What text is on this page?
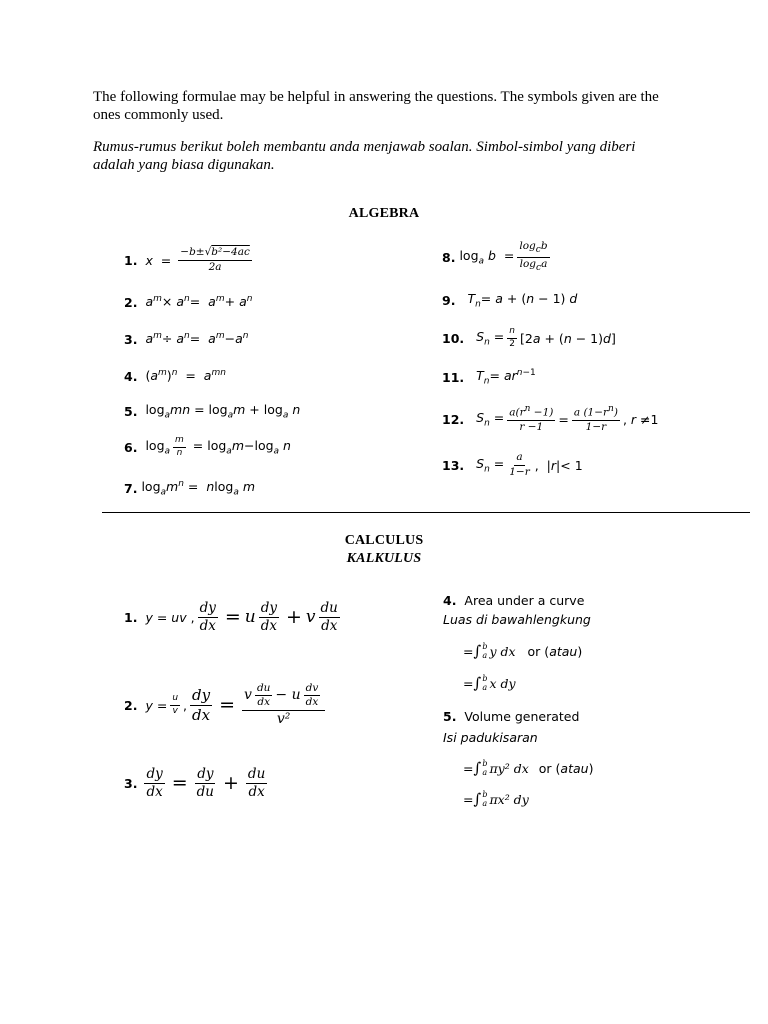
The following formulae may be helpful in answering the questions. The symbols given are the ones commonly used.
Rumus-rumus berikut boleh membantu anda menjawab soalan. Simbol-simbol yang diberi adalah yang biasa digunakan.
ALGEBRA
1. $x = \frac{\text{−b±√b²−4ac}}{2a}$
2. $a^m\times a^n= a^m+ a^n$
3. $a^m\div a^n= a^m-a^n$
4. $(a^m)^n = a^{mn}$
5. $\log_amn = \log_am + \log_a n$
6. $\log_a \frac{m}{n} = \log_am-\log_a$ n
7. $\log_am^n = nlog_a$ m
8. $\log_a b = \frac{\log_cb}{\log_ca}$
9. $T_n= a + (n - 1)$ d
10. $S_n = \frac{n}{2} [2a + (n - 1)d]$
11. $T_n= ar^{n-1}$
12. $S_n = \frac{a(r^n -1)}{r -1} = \frac{a (1-r^n)}{1-r}$ , r ≠1
13. $S_n = \frac{a}{1-r}$ ,  |r|< 1
CALCULUS
KALKULUS
1. y = uv , $\frac{dy}{dx} = u \frac{dy}{dx} + v \frac{du}{dx}$
2. $y = \frac{u}{v}$ , $\frac{dy}{dx} = \frac{v \frac{du}{dx} - u \frac{dv}{dx}}{\text{v²}}$
3. $\frac{dy}{dx} = \frac{dy}{du} + \frac{du}{dx}$
4. Area under a curve
Luas di bawahlengkung
= ∫ b
a y dx or (atau)
= ∫ b
a x dy
5. Volume generated
Isi padukisaran
= ∫ b
a πy² dx or (atau)
= ∫ b
a πx² dy
